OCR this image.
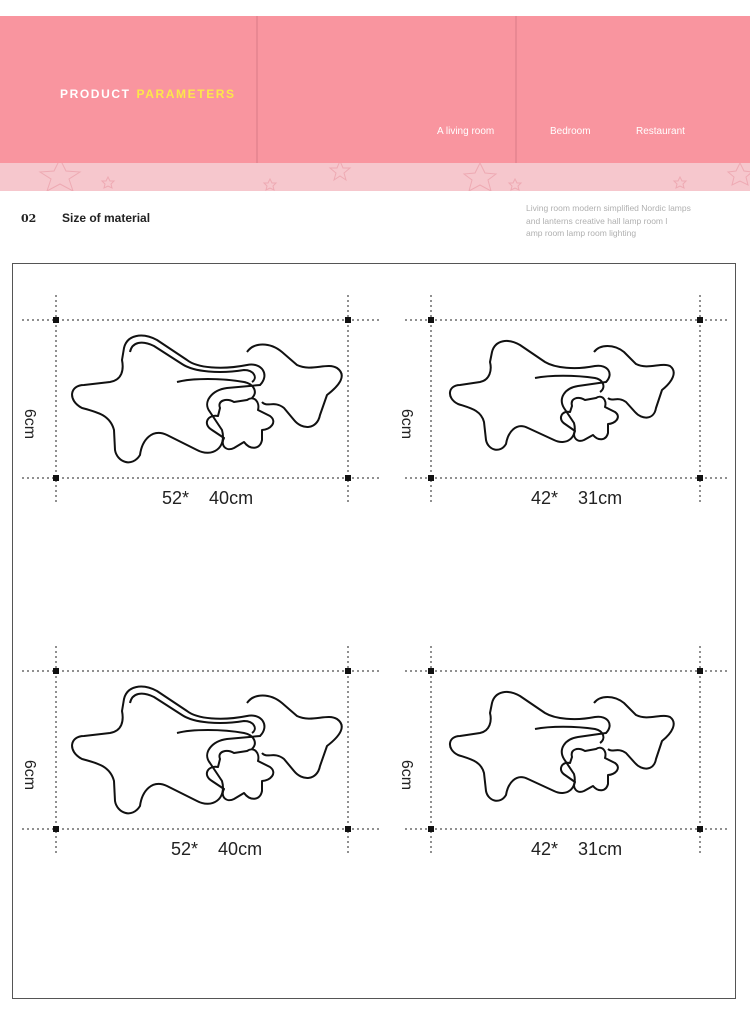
PRODUCT PARAMETERS
A living room	Bedroom	Restaurant
02 Size of material
Living room modern simplified Nordic lamps
and lanterns creative hall lamp room l
amp room lamp room lighting
6cm
52* 40cm
6cm
42* 31cm
6cm
52* 40cm
6cm
42* 31cm
